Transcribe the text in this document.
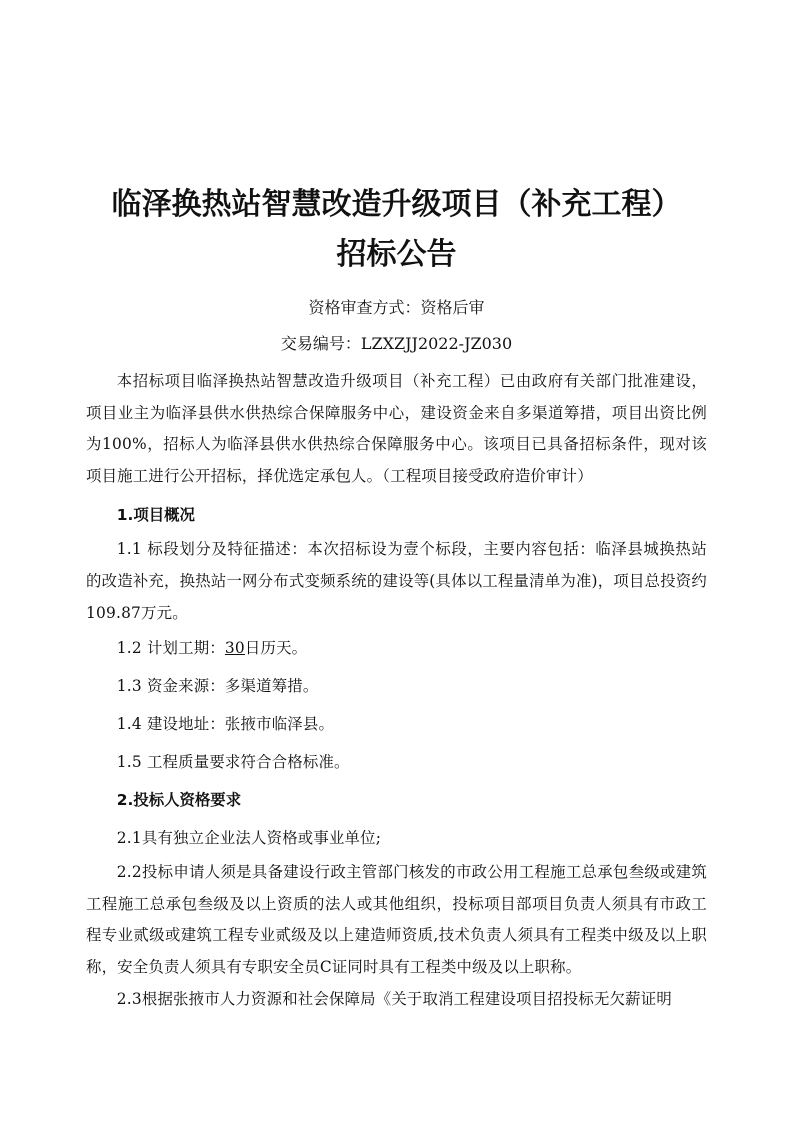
临泽换热站智慧改造升级项目（补充工程）
招标公告

资格审查方式：资格后审

交易编号：LZXZJJ2022-JZ030

本招标项目临泽换热站智慧改造升级项目（补充工程）已由政府有关部门批准建设，项目业主为临泽县供水供热综合保障服务中心，建设资金来自多渠道筹措，项目出资比例为100%，招标人为临泽县供水供热综合保障服务中心。该项目已具备招标条件，现对该项目施工进行公开招标，择优选定承包人。（工程项目接受政府造价审计）

1.项目概况

1.1 标段划分及特征描述：本次招标设为壹个标段，主要内容包括：临泽县城换热站的改造补充，换热站一网分布式变频系统的建设等(具体以工程量清单为准)，项目总投资约109.87万元。

1.2 计划工期：30日历天。

1.3 资金来源：多渠道筹措。

1.4 建设地址：张掖市临泽县。

1.5 工程质量要求符合合格标准。

2.投标人资格要求

2.1具有独立企业法人资格或事业单位;

2.2投标申请人须是具备建设行政主管部门核发的市政公用工程施工总承包叁级或建筑工程施工总承包叁级及以上资质的法人或其他组织，投标项目部项目负责人须具有市政工程专业贰级或建筑工程专业贰级及以上建造师资质,技术负责人须具有工程类中级及以上职称，安全负责人须具有专职安全员C证同时具有工程类中级及以上职称。

2.3根据张掖市人力资源和社会保障局《关于取消工程建设项目招投标无欠薪证明
